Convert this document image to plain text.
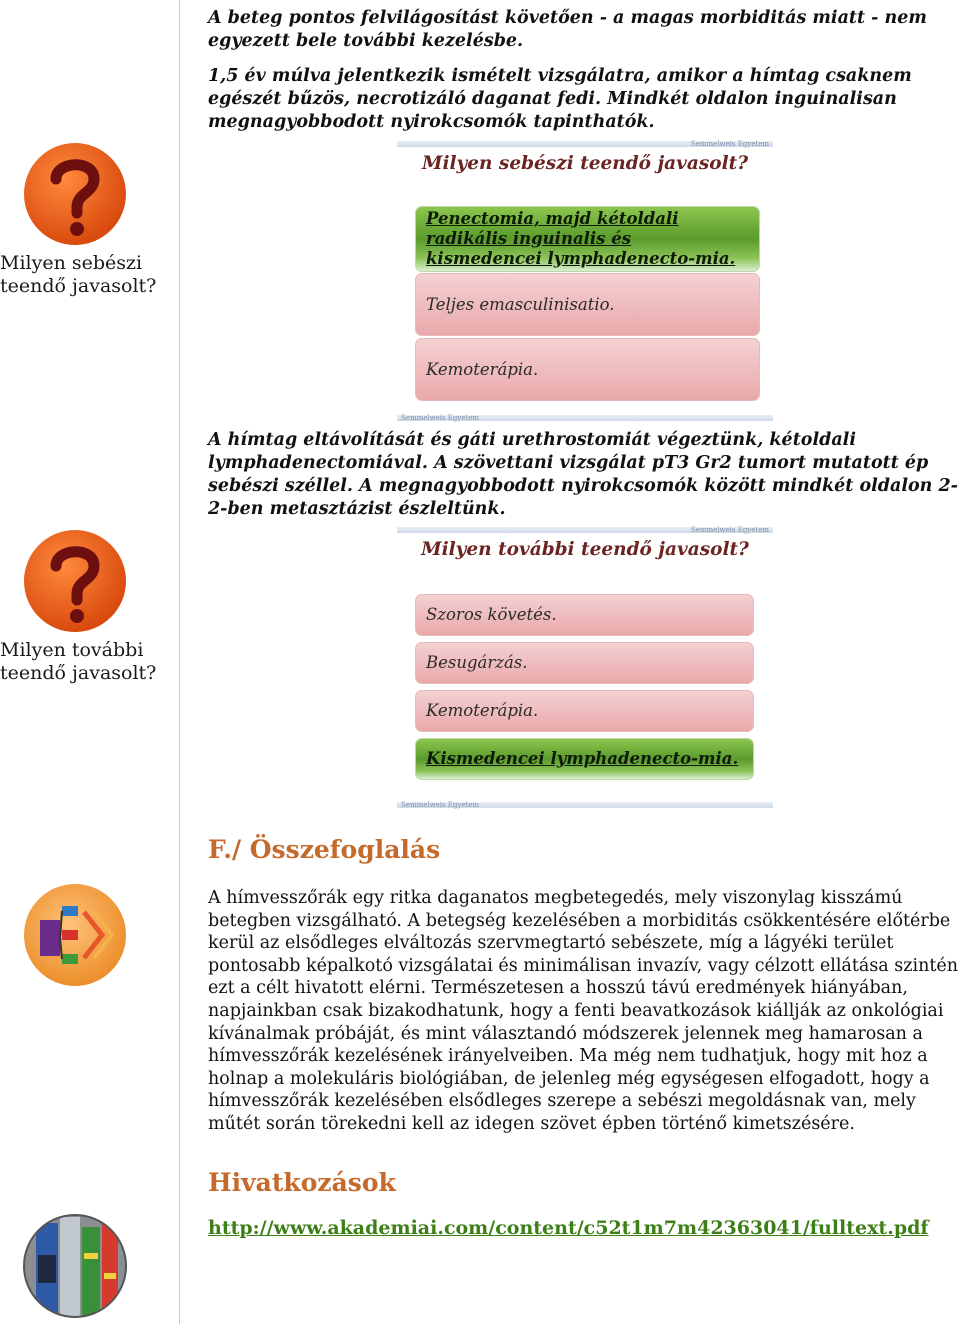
A beteg pontos felvilágosítást követően - a magas morbiditás miatt - nem egyezett bele további kezelésbe.
1,5 év múlva jelentkezik ismételt vizsgálatra, amikor a hímtag csaknem egészét bűzös, necrotizáló daganat fedi. Mindkét oldalon inguinalisan megnagyobbodott nyirokcsomók tapinthatók.
Milyen sebészi teendő javasolt?
Semmelweis Egyetem
Milyen sebészi teendő javasolt?
Penectomia, majd kétoldali radikális inguinalis és kismedencei lymphadenecto-mia.
Teljes emasculinisatio.
Kemoterápia.
Semmelweis Egyetem
A hímtag eltávolítását és gáti urethrostomiát végeztünk, kétoldali lymphadenectomiával. A szövettani vizsgálat pT3 Gr2 tumort mutatott ép sebészi széllel. A megnagyobbodott nyirokcsomók között mindkét oldalon 2-2-ben metasztázist észleltünk.
Milyen további teendő javasolt?
Semmelweis Egyetem
Milyen további teendő javasolt?
Szoros követés.
Besugárzás.
Kemoterápia.
Kismedencei lymphadenecto-mia.
Semmelweis Egyetem
F./ Összefoglalás
A hímvesszőrák egy ritka daganatos megbetegedés, mely viszonylag kisszámú betegben vizsgálható. A betegség kezelésében a morbiditás csökkentésére előtérbe kerül az elsődleges elváltozás szervmegtartó sebészete, míg a lágyéki terület pontosabb képalkotó vizsgálatai és minimálisan invazív, vagy célzott ellátása szintén ezt a célt hivatott elérni. Természetesen a hosszú távú eredmények hiányában, napjainkban csak bizakodhatunk, hogy a fenti beavatkozások kiállják az onkológiai kívánalmak próbáját, és mint választandó módszerek jelennek meg hamarosan a hímvesszőrák kezelésének irányelveiben. Ma még nem tudhatjuk, hogy mit hoz a holnap a molekuláris biológiában, de jelenleg még egységesen elfogadott, hogy a hímvesszőrák kezelésében elsődleges szerepe a sebészi megoldásnak van, mely műtét során törekedni kell az idegen szövet épben történő kimetszésére.
Hivatkozások
http://www.akademiai.com/content/c52t1m7m42363041/fulltext.pdf
